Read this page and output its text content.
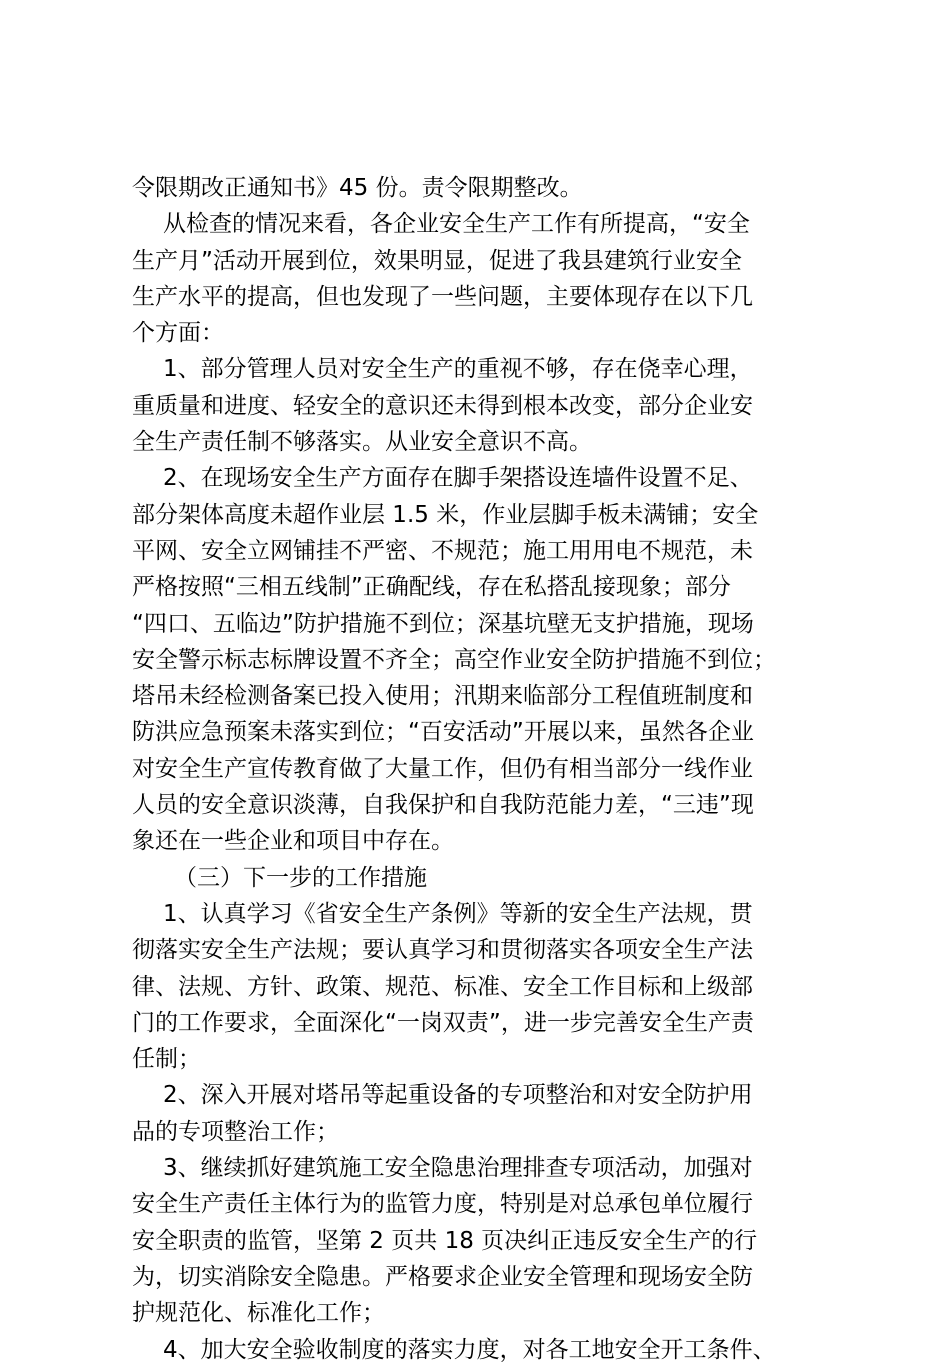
令限期改正通知书》45 份。责令限期整改。
从检查的情况来看，各企业安全生产工作有所提高，“安全
生产月”活动开展到位，效果明显，促进了我县建筑行业安全
生产水平的提高，但也发现了一些问题，主要体现存在以下几
个方面：
1、部分管理人员对安全生产的重视不够，存在侥幸心理，
重质量和进度、轻安全的意识还未得到根本改变，部分企业安
全生产责任制不够落实。从业安全意识不高。
2、在现场安全生产方面存在脚手架搭设连墙件设置不足、
部分架体高度未超作业层 1.5 米，作业层脚手板未满铺；安全
平网、安全立网铺挂不严密、不规范；施工用用电不规范，未
严格按照“三相五线制”正确配线，存在私搭乱接现象；部分
“四口、五临边”防护措施不到位；深基坑壁无支护措施，现场
安全警示标志标牌设置不齐全；高空作业安全防护措施不到位；
塔吊未经检测备案已投入使用；汛期来临部分工程值班制度和
防洪应急预案未落实到位；“百安活动”开展以来，虽然各企业
对安全生产宣传教育做了大量工作，但仍有相当部分一线作业
人员的安全意识淡薄，自我保护和自我防范能力差，“三违”现
象还在一些企业和项目中存在。
（三）下一步的工作措施
1、认真学习《省安全生产条例》等新的安全生产法规，贯
彻落实安全生产法规；要认真学习和贯彻落实各项安全生产法
律、法规、方针、政策、规范、标准、安全工作目标和上级部
门的工作要求，全面深化“一岗双责”，进一步完善安全生产责
任制；
2、深入开展对塔吊等起重设备的专项整治和对安全防护用
品的专项整治工作；
3、继续抓好建筑施工安全隐患治理排查专项活动，加强对
安全生产责任主体行为的监管力度，特别是对总承包单位履行
安全职责的监管，坚第 2 页共 18 页决纠正违反安全生产的行
为，切实消除安全隐患。严格要求企业安全管理和现场安全防
护规范化、标准化工作；
4、加大安全验收制度的落实力度，对各工地安全开工条件、
